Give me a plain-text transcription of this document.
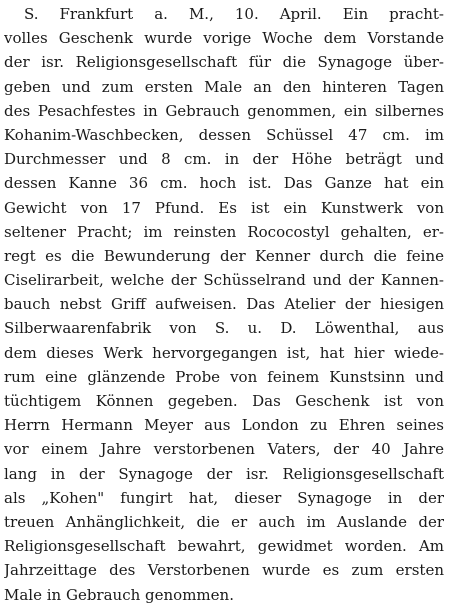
S. Frankfurt a. M., 10. April. Ein pracht-
volles Geschenk wurde vorige Woche dem Vorstande
der isr. Religionsgesellschaft für die Synagoge über-
geben und zum ersten Male an den hinteren Tagen
des Pesachfestes in Gebrauch genommen, ein silbernes
Kohanim-Waschbecken, dessen Schüssel 47 cm. im
Durchmesser und 8 cm. in der Höhe beträgt und
dessen Kanne 36 cm. hoch ist. Das Ganze hat ein
Gewicht von 17 Pfund. Es ist ein Kunstwerk von
seltener Pracht; im reinsten Rococostyl gehalten, er-
regt es die Bewunderung der Kenner durch die feine
Ciselirarbeit, welche der Schüsselrand und der Kannen-
bauch nebst Griff aufweisen. Das Atelier der hiesigen
Silberwaarenfabrik von S. u. D. Löwenthal, aus
dem dieses Werk hervorgegangen ist, hat hier wiede-
rum eine glänzende Probe von feinem Kunstsinn und
tüchtigem Können gegeben. Das Geschenk ist von
Herrn Hermann Meyer aus London zu Ehren seines
vor einem Jahre verstorbenen Vaters, der 40 Jahre
lang in der Synagoge der isr. Religionsgesellschaft
als „Kohen" fungirt hat, dieser Synagoge in der
treuen Anhänglichkeit, die er auch im Auslande der
Religionsgesellschaft bewahrt, gewidmet worden. Am
Jahrzeittage des Verstorbenen wurde es zum ersten
Male in Gebrauch genommen.
